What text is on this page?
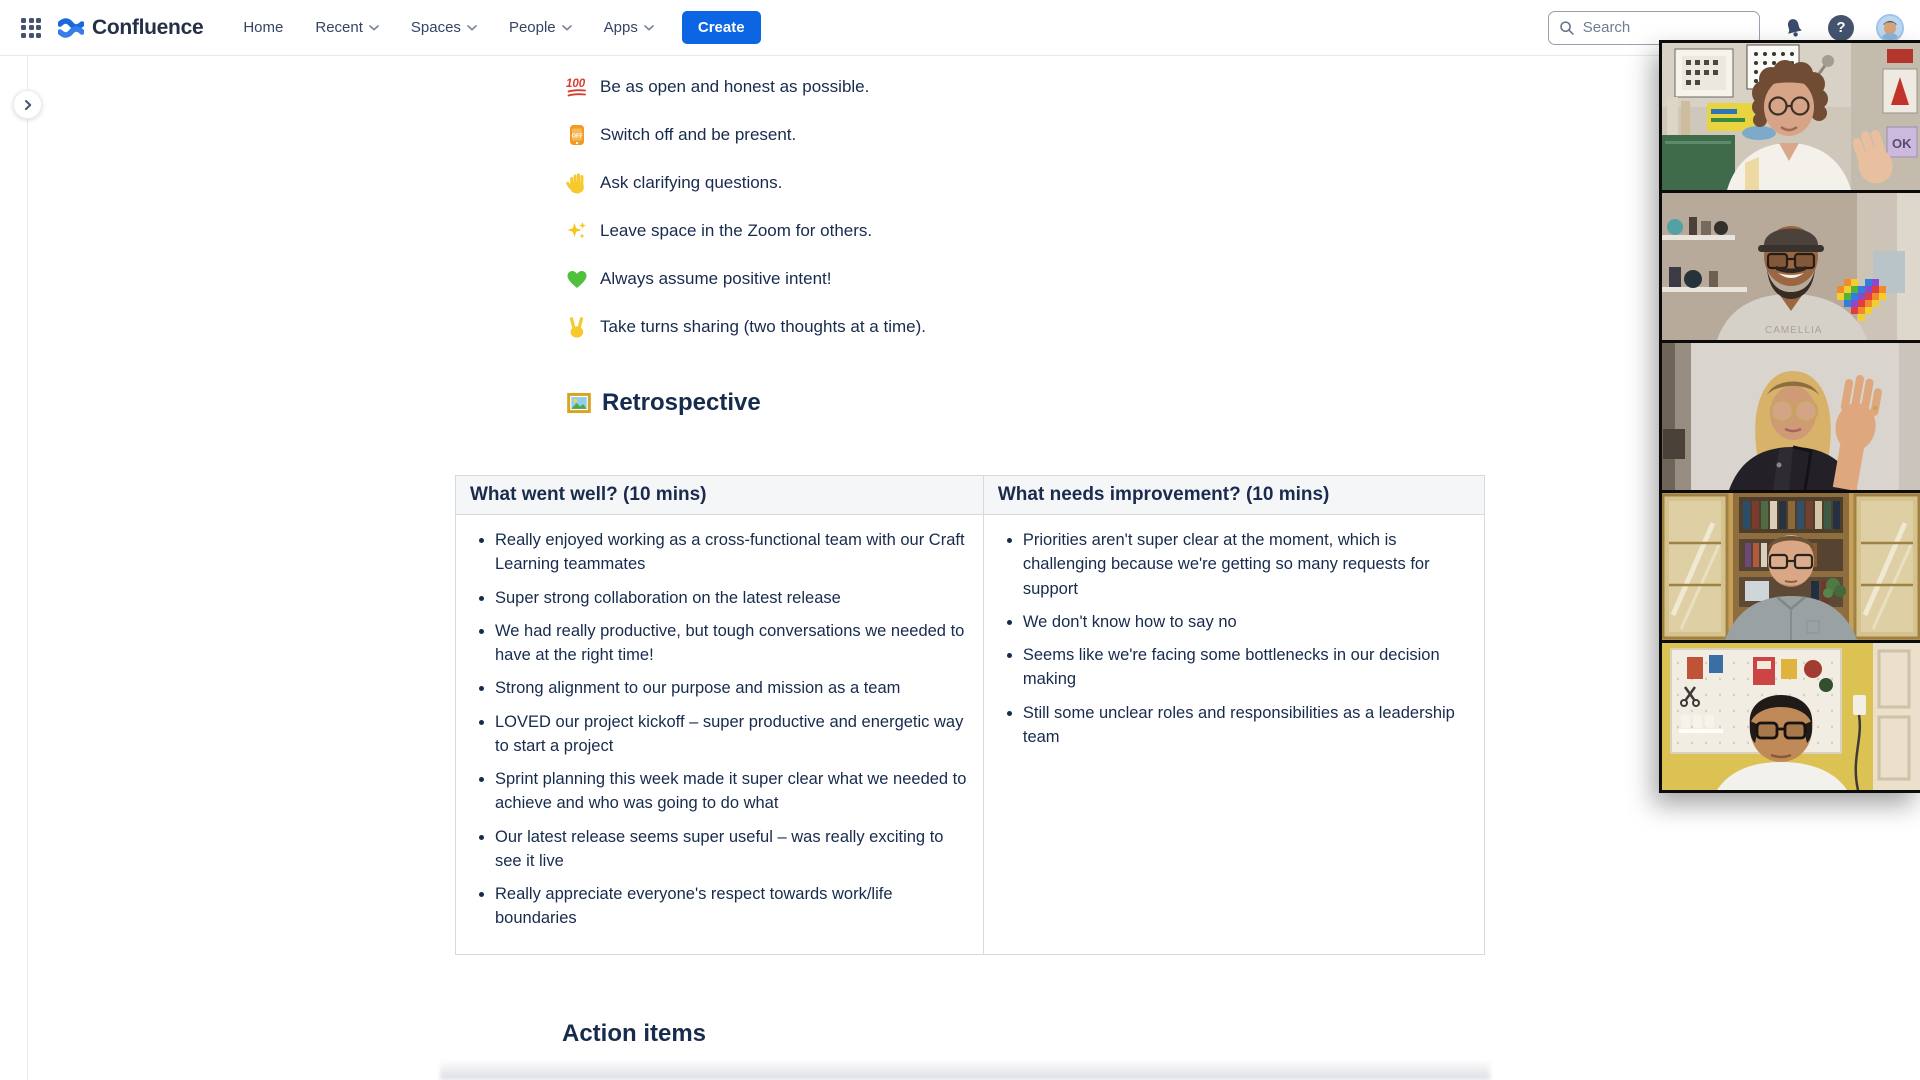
Confluence	Home Recent	Spaces	People	Apps	Create
Search	?
100 Be as open and honest as possible.
OFF Switch off and be present.
Ask clarifying questions.
Leave space in the Zoom for others.
Always assume positive intent!
Take turns sharing (two thoughts at a time).
Retrospective
What went well? (10 mins)	What needs improvement? (10 mins)

• Really enjoyed working as a cross-functional team with our Craft Learning teammates
• Super strong collaboration on the latest release
• We had really productive, but tough conversations we needed to have at the right time!
• Strong alignment to our purpose and mission as a team
• LOVED our project kickoff – super productive and energetic way to start a project
• Sprint planning this week made it super clear what we needed to achieve and who was going to do what
• Our latest release seems super useful – was really exciting to see it live
• Really appreciate everyone's respect towards work/life boundaries

• Priorities aren't super clear at the moment, which is challenging because we're getting so many requests for support
• We don't know how to say no
• Seems like we're facing some bottlenecks in our decision making
• Still some unclear roles and responsibilities as a leadership team
Action items
OK
CAMELLIA
